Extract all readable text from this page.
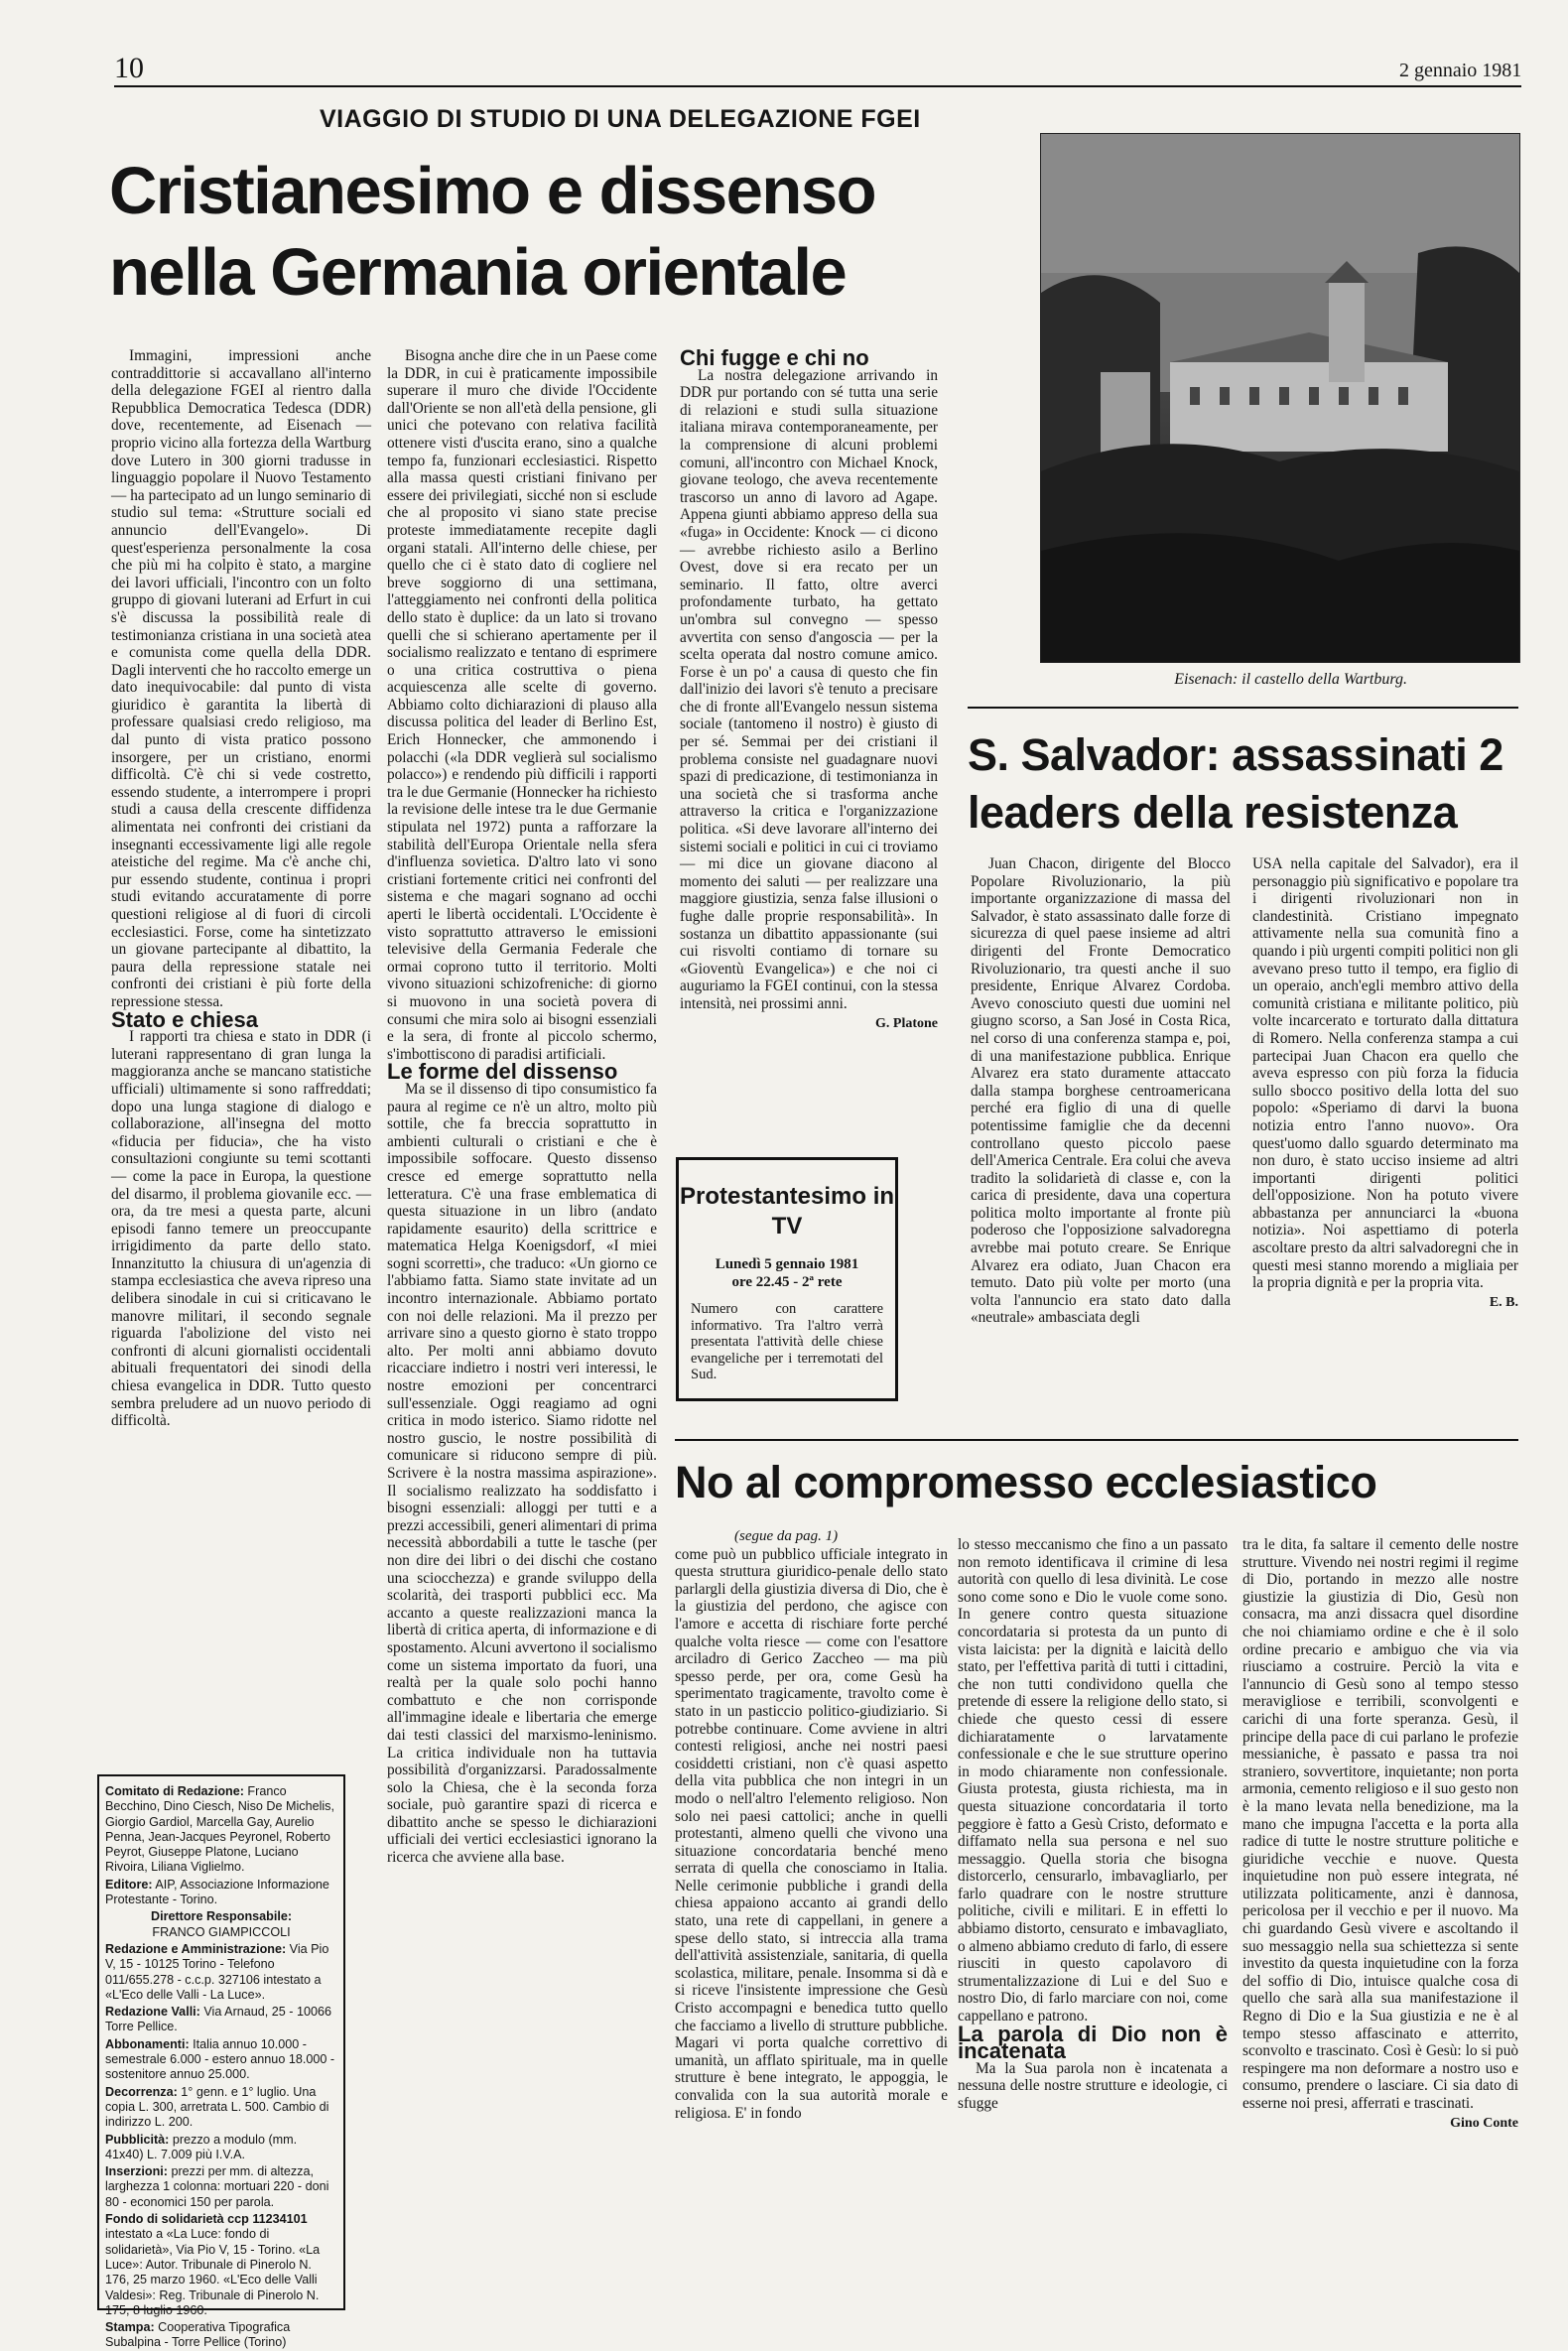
10	2 gennaio 1981
VIAGGIO DI STUDIO DI UNA DELEGAZIONE FGEI
Cristianesimo e dissenso nella Germania orientale

Immagini, impressioni anche contraddittorie si accavallano all'interno della delegazione FGEI al rientro dalla Repubblica Democratica Tedesca (DDR) dove, recentemente, ad Eisenach — proprio vicino alla fortezza della Wartburg dove Lutero in 300 giorni tradusse in linguaggio popolare il Nuovo Testamento — ha partecipato ad un lungo seminario di studio sul tema: «Strutture sociali ed annuncio dell'Evangelo». Di quest'esperienza personalmente la cosa che più mi ha colpito è stato, a margine dei lavori ufficiali, l'incontro con un folto gruppo di giovani luterani ad Erfurt in cui s'è discussa la possibilità reale di testimonianza cristiana in una società atea e comunista come quella della DDR. Dagli interventi che ho raccolto emerge un dato inequivocabile: dal punto di vista giuridico è garantita la libertà di professare qualsiasi credo religioso, ma dal punto di vista pratico possono insorgere, per un cristiano, enormi difficoltà. C'è chi si vede costretto, essendo studente, a interrompere i propri studi a causa della crescente diffidenza alimentata nei confronti dei cristiani da insegnanti eccessivamente ligi alle regole ateistiche del regime. Ma c'è anche chi, pur essendo studente, continua i propri studi evitando accuratamente di porre questioni religiose al di fuori di circoli ecclesiastici. Forse, come ha sintetizzato un giovane partecipante al dibattito, la paura della repressione statale nei confronti dei cristiani è più forte della repressione stessa.

Stato e chiesa

I rapporti tra chiesa e stato in DDR (i luterani rappresentano di gran lunga la maggioranza anche se mancano statistiche ufficiali) ultimamente si sono raffreddati; dopo una lunga stagione di dialogo e collaborazione, all'insegna del motto «fiducia per fiducia», che ha visto consultazioni congiunte su temi scottanti — come la pace in Europa, la questione del disarmo, il problema giovanile ecc. — ora, da tre mesi a questa parte, alcuni episodi fanno temere un preoccupante irrigidimento da parte dello stato. Innanzitutto la chiusura di un'agenzia di stampa ecclesiastica che aveva ripreso una delibera sinodale in cui si criticavano le manovre militari, il secondo segnale riguarda l'abolizione del visto nei confronti di alcuni giornalisti occidentali abituali frequentatori dei sinodi della chiesa evangelica in DDR. Tutto questo sembra preludere ad un nuovo periodo di difficoltà.

Bisogna anche dire che in un Paese come la DDR, in cui è praticamente impossibile superare il muro che divide l'Occidente dall'Oriente se non all'età della pensione, gli unici che potevano con relativa facilità ottenere visti d'uscita erano, sino a qualche tempo fa, funzionari ecclesiastici. Rispetto alla massa questi cristiani finivano per essere dei privilegiati, sicché non si esclude che al proposito vi siano state precise proteste immediatamente recepite dagli organi statali. All'interno delle chiese, per quello che ci è stato dato di cogliere nel breve soggiorno di una settimana, l'atteggiamento nei confronti della politica dello stato è duplice: da un lato si trovano quelli che si schierano apertamente per il socialismo realizzato e tentano di esprimere o una critica costruttiva o piena acquiescenza alle scelte di governo. Abbiamo colto dichiarazioni di plauso alla discussa politica del leader di Berlino Est, Erich Honnecker, che ammonendo i polacchi («la DDR veglierà sul socialismo polacco») e rendendo più difficili i rapporti tra le due Germanie (Honnecker ha richiesto la revisione delle intese tra le due Germanie stipulata nel 1972) punta a rafforzare la stabilità dell'Europa Orientale nella sfera d'influenza sovietica. D'altro lato vi sono cristiani fortemente critici nei confronti del sistema e che magari sognano ad occhi aperti le libertà occidentali. L'Occidente è visto soprattutto attraverso le emissioni televisive della Germania Federale che ormai coprono tutto il territorio. Molti vivono situazioni schizofreniche: di giorno si muovono in una società povera di consumi che mira solo ai bisogni essenziali e la sera, di fronte al piccolo schermo, s'imbottiscono di paradisi artificiali.

Le forme del dissenso

Ma se il dissenso di tipo consumistico fa paura al regime ce n'è un altro, molto più sottile, che fa breccia soprattutto in ambienti culturali o cristiani e che è impossibile soffocare. Questo dissenso cresce ed emerge soprattutto nella letteratura. C'è una frase emblematica di questa situazione in un libro (andato rapidamente esaurito) della scrittrice e matematica Helga Koenigsdorf, «I miei sogni scorretti», che traduco: «Un giorno ce l'abbiamo fatta. Siamo state invitate ad un incontro internazionale. Abbiamo portato con noi delle relazioni. Ma il prezzo per arrivare sino a questo giorno è stato troppo alto. Per molti anni abbiamo dovuto ricacciare indietro i nostri veri interessi, le nostre emozioni per concentrarci sull'essenziale. Oggi reagiamo ad ogni critica in modo isterico. Siamo ridotte nel nostro guscio, le nostre possibilità di comunicare si riducono sempre di più. Scrivere è la nostra massima aspirazione». Il socialismo realizzato ha soddisfatto i bisogni essenziali: alloggi per tutti e a prezzi accessibili, generi alimentari di prima necessità abbordabili a tutte le tasche (per non dire dei libri o dei dischi che costano una sciocchezza) e grande sviluppo della scolarità, dei trasporti pubblici ecc. Ma accanto a queste realizzazioni manca la libertà di critica aperta, di informazione e di spostamento. Alcuni avvertono il socialismo come un sistema importato da fuori, una realtà per la quale solo pochi hanno combattuto e che non corrisponde all'immagine ideale e libertaria che emerge dai testi classici del marxismo-leninismo. La critica individuale non ha tuttavia possibilità d'organizzarsi. Paradossalmente solo la Chiesa, che è la seconda forza sociale, può garantire spazi di ricerca e dibattito anche se spesso le dichiarazioni ufficiali dei vertici ecclesiastici ignorano la ricerca che avviene alla base.

Chi fugge e chi no

La nostra delegazione arrivando in DDR pur portando con sé tutta una serie di relazioni e studi sulla situazione italiana mirava contemporaneamente, per la comprensione di alcuni problemi comuni, all'incontro con Michael Knock, giovane teologo, che aveva recentemente trascorso un anno di lavoro ad Agape. Appena giunti abbiamo appreso della sua «fuga» in Occidente: Knock — ci dicono — avrebbe richiesto asilo a Berlino Ovest, dove si era recato per un seminario. Il fatto, oltre averci profondamente turbato, ha gettato un'ombra sul convegno — spesso avvertita con senso d'angoscia — per la scelta operata dal nostro comune amico. Forse è un po' a causa di questo che fin dall'inizio dei lavori s'è tenuto a precisare che di fronte all'Evangelo nessun sistema sociale (tantomeno il nostro) è giusto di per sé. Semmai per dei cristiani il problema consiste nel guadagnare nuovi spazi di predicazione, di testimonianza in una società che si trasforma anche attraverso la critica e l'organizzazione politica. «Si deve lavorare all'interno dei sistemi sociali e politici in cui ci troviamo — mi dice un giovane diacono al momento dei saluti — per realizzare una maggiore giustizia, senza false illusioni o fughe dalle proprie responsabilità». In sostanza un dibattito appassionante (sui cui risvolti contiamo di tornare su «Gioventù Evangelica») e che noi ci auguriamo la FGEI continui, con la stessa intensità, nei prossimi anni.

G. Platone
Eisenach: il castello della Wartburg.
S. Salvador: assassinati 2 leaders della resistenza

Juan Chacon, dirigente del Blocco Popolare Rivoluzionario, la più importante organizzazione di massa del Salvador, è stato assassinato dalle forze di sicurezza di quel paese insieme ad altri dirigenti del Fronte Democratico Rivoluzionario, tra questi anche il suo presidente, Enrique Alvarez Cordoba. Avevo conosciuto questi due uomini nel giugno scorso, a San José in Costa Rica, nel corso di una conferenza stampa e, poi, di una manifestazione pubblica. Enrique Alvarez era stato duramente attaccato dalla stampa borghese centroamericana perché era figlio di una di quelle potentissime famiglie che da decenni controllano questo piccolo paese dell'America Centrale. Era colui che aveva tradito la solidarietà di classe e, con la carica di presidente, dava una copertura politica molto importante al fronte più poderoso che l'opposizione salvadoregna avrebbe mai potuto creare. Se Enrique Alvarez era odiato, Juan Chacon era temuto. Dato più volte per morto (una volta l'annuncio era stato dato dalla «neutrale» ambasciata degli

USA nella capitale del Salvador), era il personaggio più significativo e popolare tra i dirigenti rivoluzionari non in clandestinità. Cristiano impegnato attivamente nella sua comunità fino a quando i più urgenti compiti politici non gli avevano preso tutto il tempo, era figlio di un operaio, anch'egli membro attivo della comunità cristiana e militante politico, più volte incarcerato e torturato dalla dittatura di Romero. Nella conferenza stampa a cui partecipai Juan Chacon era quello che aveva espresso con più forza la fiducia sullo sbocco positivo della lotta del suo popolo: «Speriamo di darvi la buona notizia entro l'anno nuovo». Ora quest'uomo dallo sguardo determinato ma non duro, è stato ucciso insieme ad altri importanti dirigenti politici dell'opposizione. Non ha potuto vivere abbastanza per annunciarci la «buona notizia». Noi aspettiamo di poterla ascoltare presto da altri salvadoregni che in questi mesi stanno morendo a migliaia per la propria dignità e per la propria vita.

E. B.
Protestantesimo in TV
Lunedì 5 gennaio 1981
ore 22.45 - 2ª rete
Numero con carattere informativo. Tra l'altro verrà presentata l'attività delle chiese evangeliche per i terremotati del Sud.
No al compromesso ecclesiastico

(segue da pag. 1)

come può un pubblico ufficiale integrato in questa struttura giuridico-penale dello stato parlargli della giustizia diversa di Dio, che è la giustizia del perdono, che agisce con l'amore e accetta di rischiare forte perché qualche volta riesce — come con l'esattore arciladro di Gerico Zaccheo — ma più spesso perde, per ora, come Gesù ha sperimentato tragicamente, travolto come è stato in un pasticcio politico-giudiziario. Si potrebbe continuare. Come avviene in altri contesti religiosi, anche nei nostri paesi cosiddetti cristiani, non c'è quasi aspetto della vita pubblica che non integri in un modo o nell'altro l'elemento religioso. Non solo nei paesi cattolici; anche in quelli protestanti, almeno quelli che vivono una situazione concordataria benché meno serrata di quella che conosciamo in Italia. Nelle cerimonie pubbliche i grandi della chiesa appaiono accanto ai grandi dello stato, una rete di cappellani, in genere a spese dello stato, si intreccia alla trama dell'attività assistenziale, sanitaria, di quella scolastica, militare, penale. Insomma si dà e si riceve l'insistente impressione che Gesù Cristo accompagni e benedica tutto quello che facciamo a livello di strutture pubbliche. Magari vi porta qualche correttivo di umanità, un afflato spirituale, ma in quelle strutture è bene integrato, le appoggia, le convalida con la sua autorità morale e religiosa. E' in fondo

lo stesso meccanismo che fino a un passato non remoto identificava il crimine di lesa autorità con quello di lesa divinità. Le cose sono come sono e Dio le vuole come sono. In genere contro questa situazione concordataria si protesta da un punto di vista laicista: per la dignità e laicità dello stato, per l'effettiva parità di tutti i cittadini, che non tutti condividono quella che pretende di essere la religione dello stato, si chiede che questo cessi di essere dichiaratamente o larvatamente confessionale e che le sue strutture operino in modo chiaramente non confessionale. Giusta protesta, giusta richiesta, ma in questa situazione concordataria il torto peggiore è fatto a Gesù Cristo, deformato e diffamato nella sua persona e nel suo messaggio. Quella storia che bisogna distorcerlo, censurarlo, imbavagliarlo, per farlo quadrare con le nostre strutture politiche, civili e militari. E in effetti lo abbiamo distorto, censurato e imbavagliato, o almeno abbiamo creduto di farlo, di essere riusciti in questo capolavoro di strumentalizzazione di Lui e del Suo e nostro Dio, di farlo marciare con noi, come cappellano e patrono.

La parola di Dio non è incatenata

Ma la Sua parola non è incatenata a nessuna delle nostre strutture e ideologie, ci sfugge

tra le dita, fa saltare il cemento delle nostre strutture. Vivendo nei nostri regimi il regime di Dio, portando in mezzo alle nostre giustizie la giustizia di Dio, Gesù non consacra, ma anzi dissacra quel disordine che noi chiamiamo ordine e che è il solo ordine precario e ambiguo che via via riusciamo a costruire. Perciò la vita e l'annuncio di Gesù sono al tempo stesso meravigliose e terribili, sconvolgenti e carichi di una forte speranza. Gesù, il principe della pace di cui parlano le profezie messianiche, è passato e passa tra noi straniero, sovvertitore, inquietante; non porta armonia, cemento religioso e il suo gesto non è la mano levata nella benedizione, ma la mano che impugna l'accetta e la porta alla radice di tutte le nostre strutture politiche e giuridiche vecchie e nuove. Questa inquietudine non può essere integrata, né utilizzata politicamente, anzi è dannosa, pericolosa per il vecchio e per il nuovo. Ma chi guardando Gesù vivere e ascoltando il suo messaggio nella sua schiettezza si sente investito da questa inquietudine con la forza del soffio di Dio, intuisce qualche cosa di quello che sarà alla sua manifestazione il Regno di Dio e la Sua giustizia e ne è al tempo stesso affascinato e atterrito, sconvolto e trascinato. Così è Gesù: lo si può respingere ma non deformare a nostro uso e consumo, prendere o lasciare. Ci sia dato di esserne noi presi, afferrati e trascinati.

Gino Conte

Comitato di Redazione: Franco Becchino, Dino Ciesch, Niso De Michelis, Giorgio Gardiol, Marcella Gay, Aurelio Penna, Jean-Jacques Peyronel, Roberto Peyrot, Giuseppe Platone, Luciano Rivoira, Liliana Viglielmo.

Editore: AIP, Associazione Informazione Protestante - Torino.

Direttore Responsabile:
FRANCO GIAMPICCOLI

Redazione e Amministrazione: Via Pio V, 15 - 10125 Torino - Telefono 011/655.278 - c.c.p. 327106 intestato a «L'Eco delle Valli - La Luce».

Redazione Valli: Via Arnaud, 25 - 10066 Torre Pellice.

Abbonamenti: Italia annuo 10.000 - semestrale 6.000 - estero annuo 18.000 - sostenitore annuo 25.000.

Decorrenza: 1° genn. e 1° luglio. Una copia L. 300, arretrata L. 500. Cambio di indirizzo L. 200.

Pubblicità: prezzo a modulo (mm. 41x40) L. 7.009 più I.V.A.

Inserzioni: prezzi per mm. di altezza, larghezza 1 colonna: mortuari 220 - doni 80 - economici 150 per parola.

Fondo di solidarietà ccp 11234101 intestato a «La Luce: fondo di solidarietà», Via Pio V, 15 - Torino. «La Luce»: Autor. Tribunale di Pinerolo N. 176, 25 marzo 1960. «L'Eco delle Valli Valdesi»: Reg. Tribunale di Pinerolo N. 175, 8 luglio 1960.

Stampa: Cooperativa Tipografica Subalpina - Torre Pellice (Torino)
